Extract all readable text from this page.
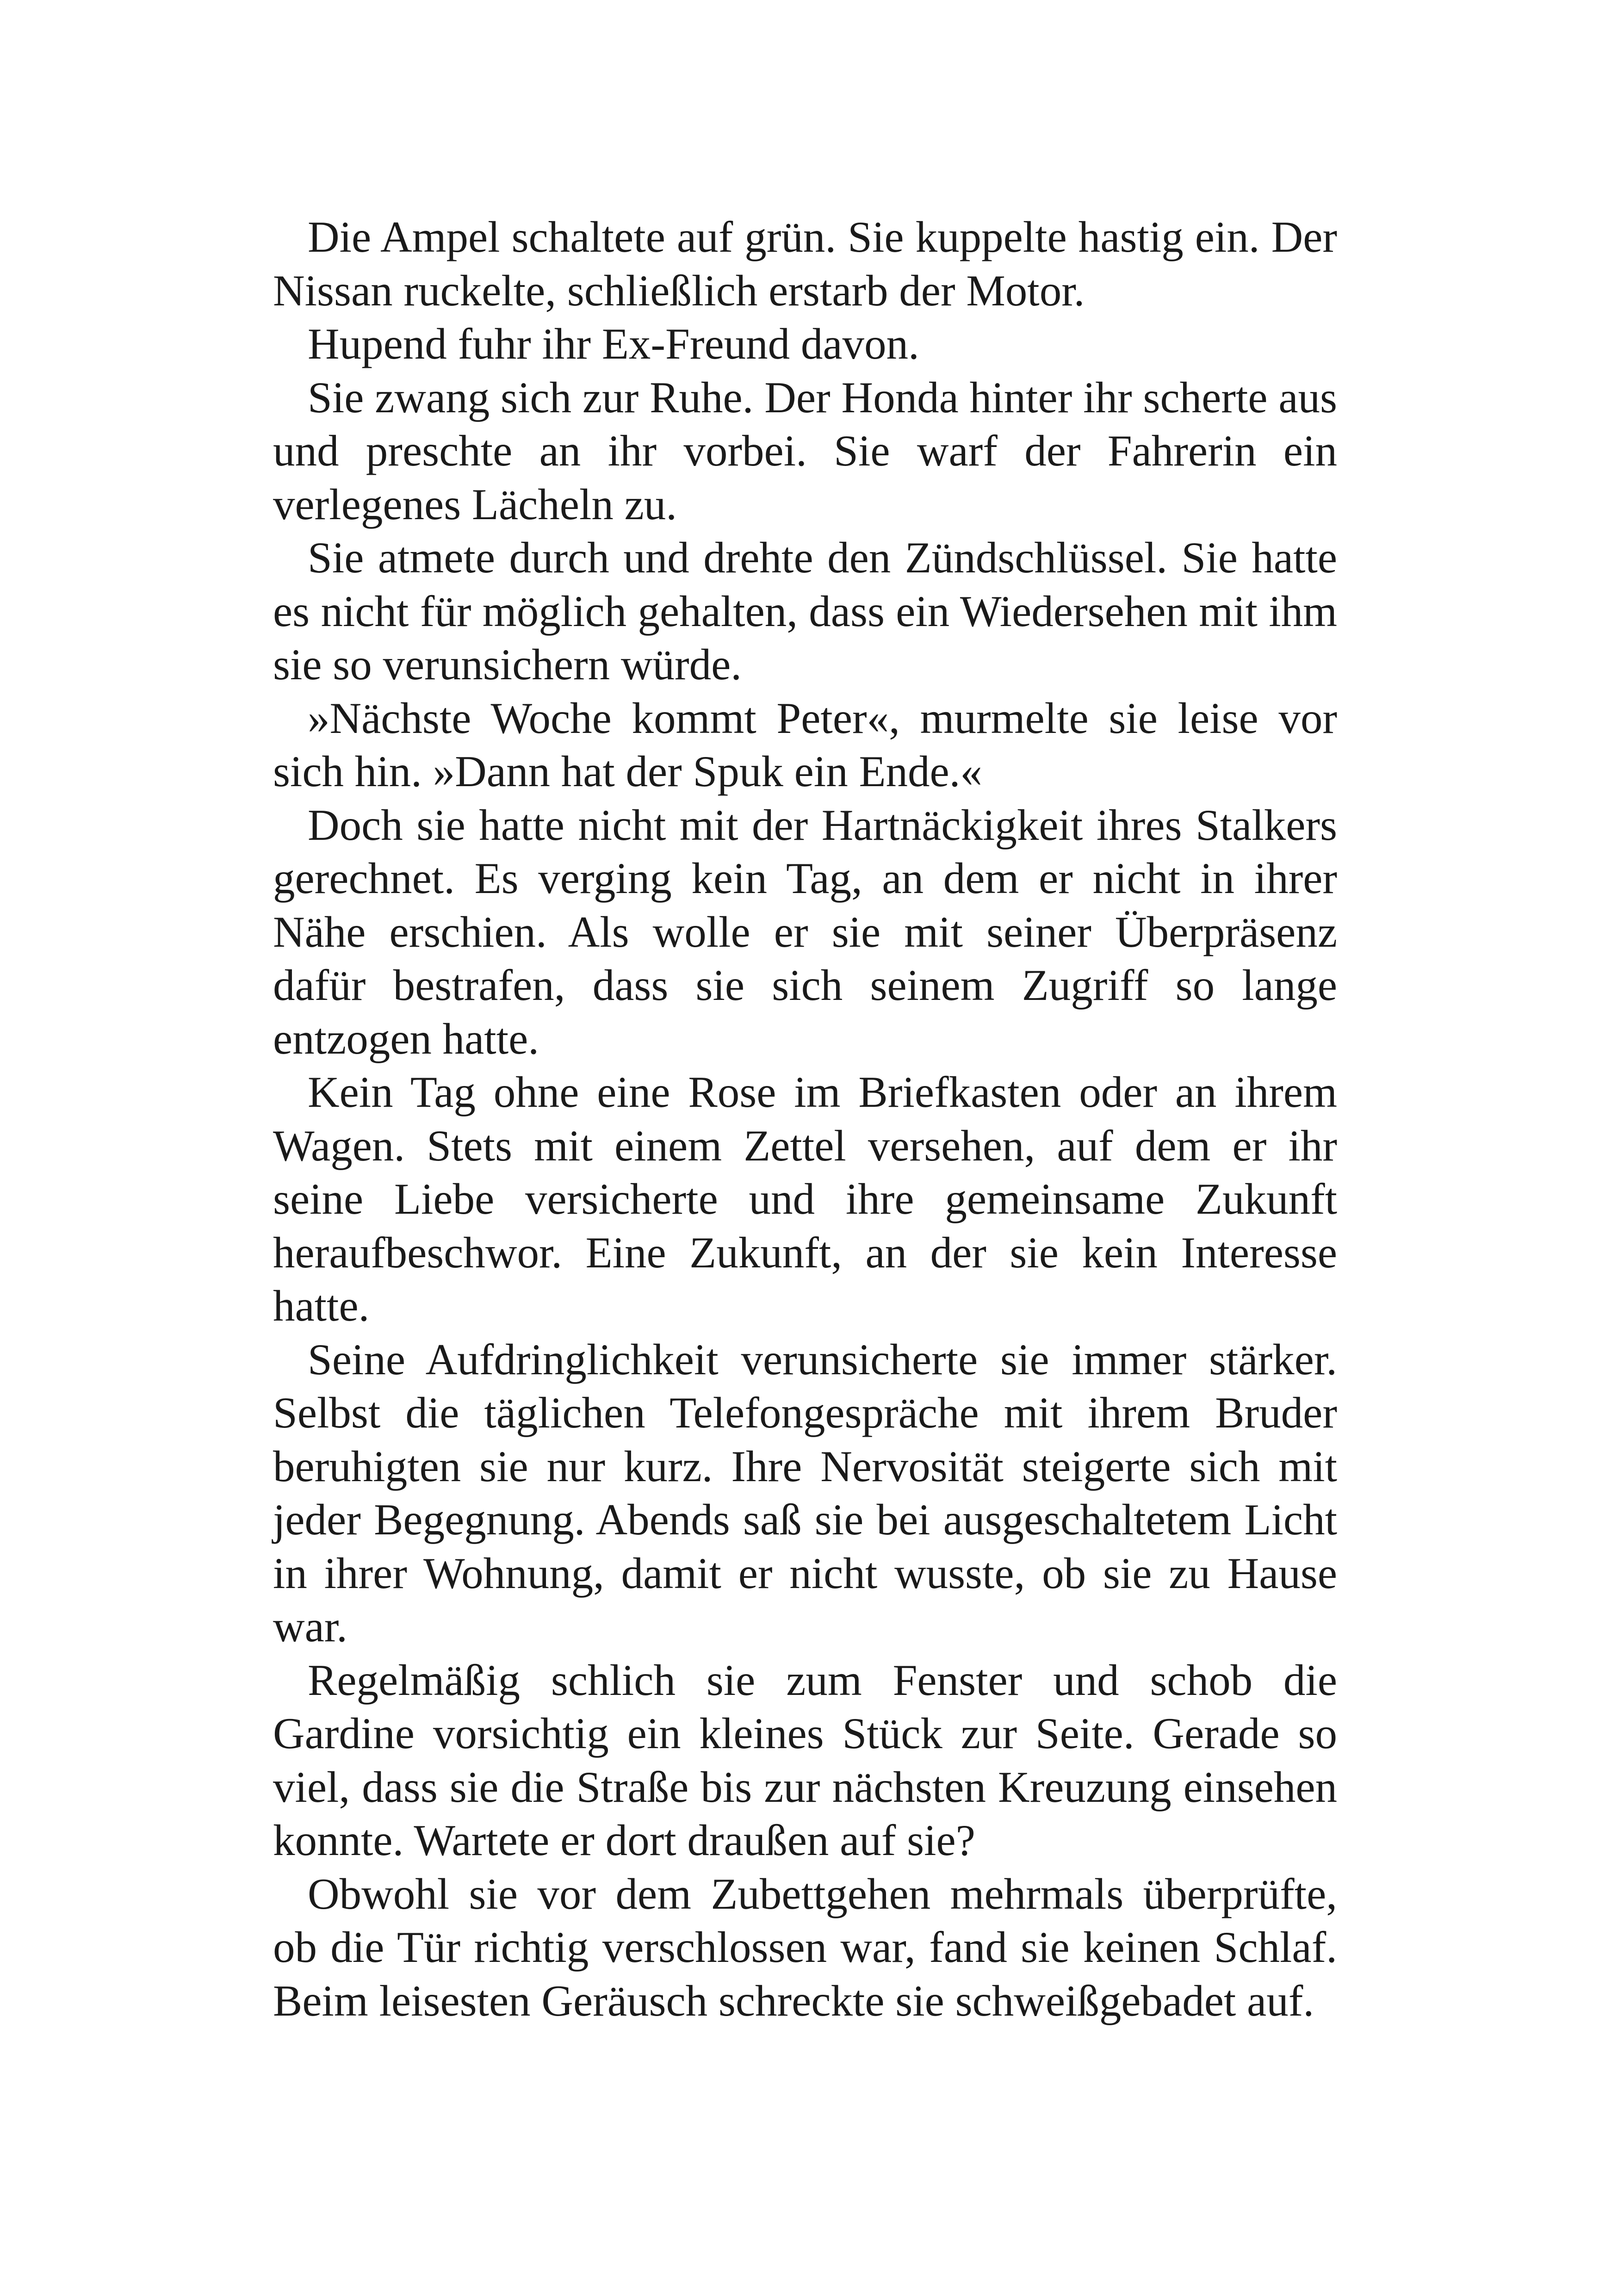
Die Ampel schaltete auf grün. Sie kuppelte hastig ein. Der Nissan ruckelte, schließlich erstarb der Motor.

Hupend fuhr ihr Ex-Freund davon.

Sie zwang sich zur Ruhe. Der Honda hinter ihr scherte aus und preschte an ihr vorbei. Sie warf der Fahrerin ein verlegenes Lächeln zu.

Sie atmete durch und drehte den Zündschlüssel. Sie hatte es nicht für möglich gehalten, dass ein Wiedersehen mit ihm sie so verunsichern würde.

»Nächste Woche kommt Peter«, murmelte sie leise vor sich hin. »Dann hat der Spuk ein Ende.«

Doch sie hatte nicht mit der Hartnäckigkeit ihres Stalkers gerechnet. Es verging kein Tag, an dem er nicht in ihrer Nähe erschien. Als wolle er sie mit seiner Überpräsenz dafür bestrafen, dass sie sich seinem Zugriff so lange entzogen hatte.

Kein Tag ohne eine Rose im Briefkasten oder an ihrem Wagen. Stets mit einem Zettel versehen, auf dem er ihr seine Liebe versicherte und ihre gemeinsame Zukunft heraufbeschwor. Eine Zukunft, an der sie kein Interesse hatte.

Seine Aufdringlichkeit verunsicherte sie immer stärker. Selbst die täglichen Telefongespräche mit ihrem Bruder beruhigten sie nur kurz. Ihre Nervosität steigerte sich mit jeder Begegnung. Abends saß sie bei ausgeschaltetem Licht in ihrer Wohnung, damit er nicht wusste, ob sie zu Hause war.

Regelmäßig schlich sie zum Fenster und schob die Gardine vorsichtig ein kleines Stück zur Seite. Gerade so viel, dass sie die Straße bis zur nächsten Kreuzung einsehen konnte. Wartete er dort draußen auf sie?

Obwohl sie vor dem Zubettgehen mehrmals überprüfte, ob die Tür richtig verschlossen war, fand sie keinen Schlaf. Beim leisesten Geräusch schreckte sie schweißgebadet auf.
